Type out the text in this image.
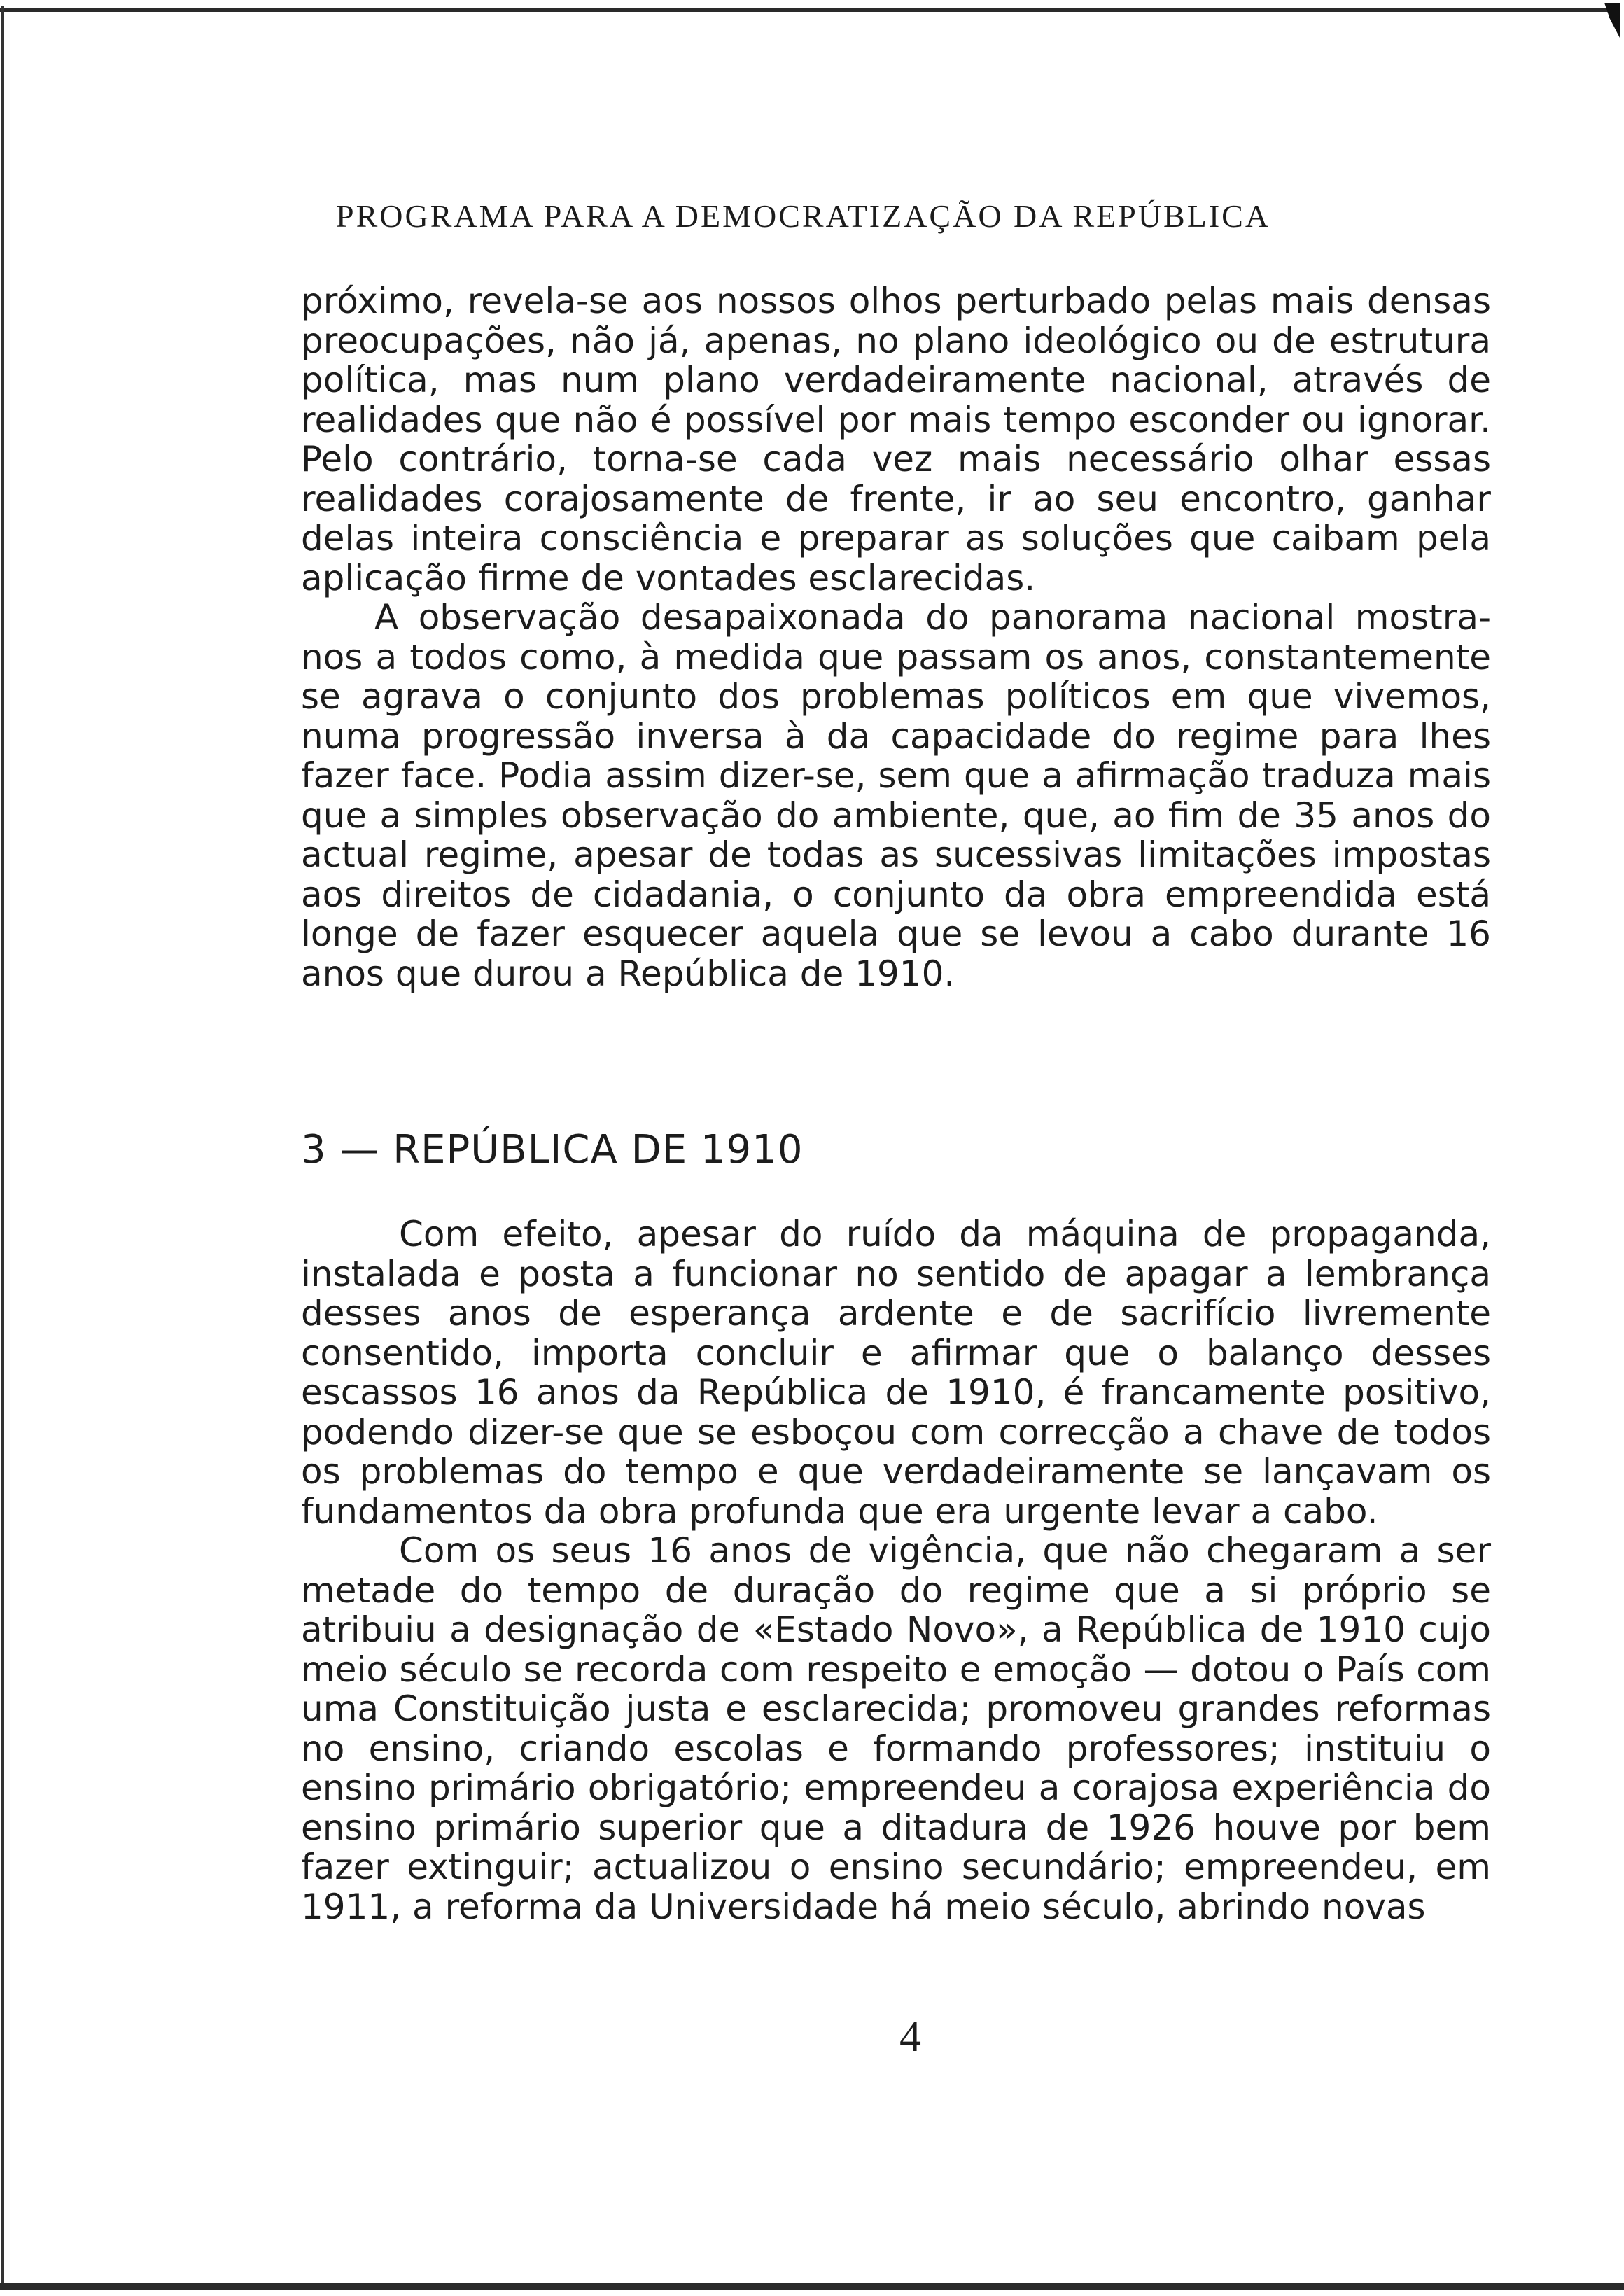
PROGRAMA PARA A DEMOCRATIZAÇÃO DA REPÚBLICA

próximo, revela-se aos nossos olhos perturbado pelas mais densas preocupações, não já, apenas, no plano ideológico ou de estrutura política, mas num plano verdadeiramente nacional, através de realidades que não é possível por mais tempo esconder ou ignorar. Pelo contrário, torna-se cada vez mais necessário olhar essas realidades corajosamente de frente, ir ao seu encontro, ganhar delas inteira consciência e preparar as soluções que caibam pela aplicação firme de vontades esclarecidas.

A observação desapaixonada do panorama nacional mostra-nos a todos como, à medida que passam os anos, constantemente se agrava o conjunto dos problemas políticos em que vivemos, numa progressão inversa à da capacidade do regime para lhes fazer face. Podia assim dizer-se, sem que a afirmação traduza mais que a simples observação do ambiente, que, ao fim de 35 anos do actual regime, apesar de todas as sucessivas limitações impostas aos direitos de cidadania, o conjunto da obra empreendida está longe de fazer esquecer aquela que se levou a cabo durante 16 anos que durou a República de 1910.

3 — REPÚBLICA DE 1910

Com efeito, apesar do ruído da máquina de propaganda, instalada e posta a funcionar no sentido de apagar a lembrança desses anos de esperança ardente e de sacrifício livremente consentido, importa concluir e afirmar que o balanço desses escassos 16 anos da República de 1910, é francamente positivo, podendo dizer-se que se esboçou com correcção a chave de todos os problemas do tempo e que verdadeiramente se lançavam os fundamentos da obra profunda que era urgente levar a cabo.

Com os seus 16 anos de vigência, que não chegaram a ser metade do tempo de duração do regime que a si próprio se atribuiu a designação de «Estado Novo», a República de 1910 cujo meio século se recorda com respeito e emoção — dotou o País com uma Constituição justa e esclarecida; promoveu grandes reformas no ensino, criando escolas e formando professores; instituiu o ensino primário obrigatório; empreendeu a corajosa experiência do ensino primário superior que a ditadura de 1926 houve por bem fazer extinguir; actualizou o ensino secundário; empreendeu, em 1911, a reforma da Universidade há meio século, abrindo novas

4
